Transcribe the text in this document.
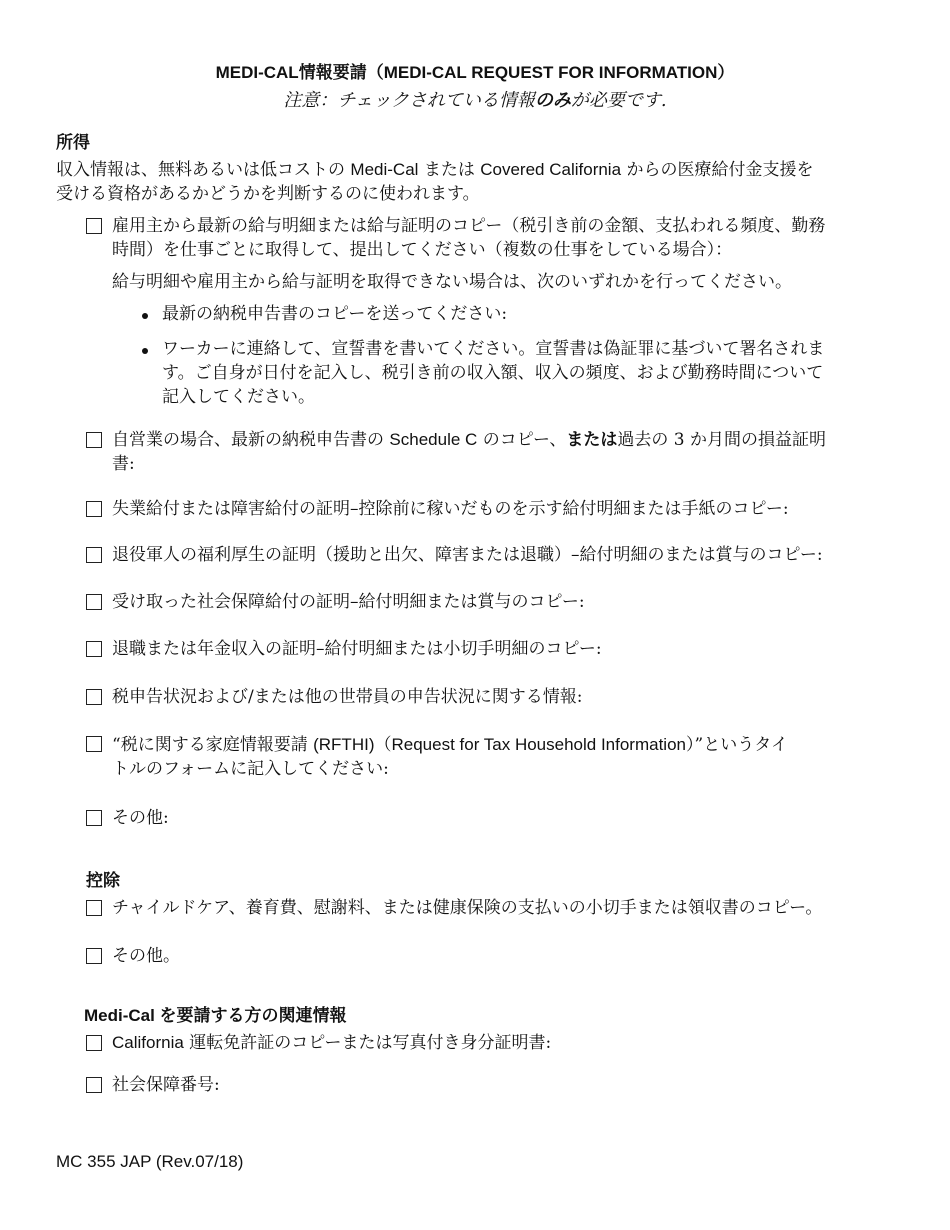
MEDI-CAL情報要請（MEDI-CAL REQUEST FOR INFORMATION）
注意：チェックされている情報のみが必要です.
所得
収入情報は、無料あるいは低コストの Medi-Cal または Covered California からの医療給付金支援を
受ける資格があるかどうかを判断するのに使われます。
雇用主から最新の給与明細または給与証明のコピー（税引き前の金額、支払われる頻度、勤務
時間）を仕事ごとに取得して、提出してください（複数の仕事をしている場合）：
給与明細や雇用主から給与証明を取得できない場合は、次のいずれかを行ってください。
最新の納税申告書のコピーを送ってください:
ワーカーに連絡して、宣誓書を書いてください。宣誓書は偽証罪に基づいて署名されま
す。ご自身が日付を記入し、税引き前の収入額、収入の頻度、および勤務時間について
記入してください。
自営業の場合、最新の納税申告書の Schedule C のコピー、または過去の 3 か月間の損益証明
書:
失業給付または障害給付の証明–控除前に稼いだものを示す給付明細または手紙のコピー:
退役軍人の福利厚生の証明（援助と出欠、障害または退職）–給付明細のまたは賞与のコピー:
受け取った社会保障給付の証明–給付明細または賞与のコピー:
退職または年金収入の証明–給付明細または小切手明細のコピー:
税申告状況および/または他の世帯員の申告状況に関する情報:
“税に関する家庭情報要請 (RFTHI)（Request for Tax Household Information）”というタイ
トルのフォームに記入してください:
その他:
控除
チャイルドケア、養育費、慰謝料、または健康保険の支払いの小切手または領収書のコピー。
その他。
Medi-Cal を要請する方の関連情報
California 運転免許証のコピーまたは写真付き身分証明書:
社会保障番号:
MC 355 JAP (Rev.07/18)
